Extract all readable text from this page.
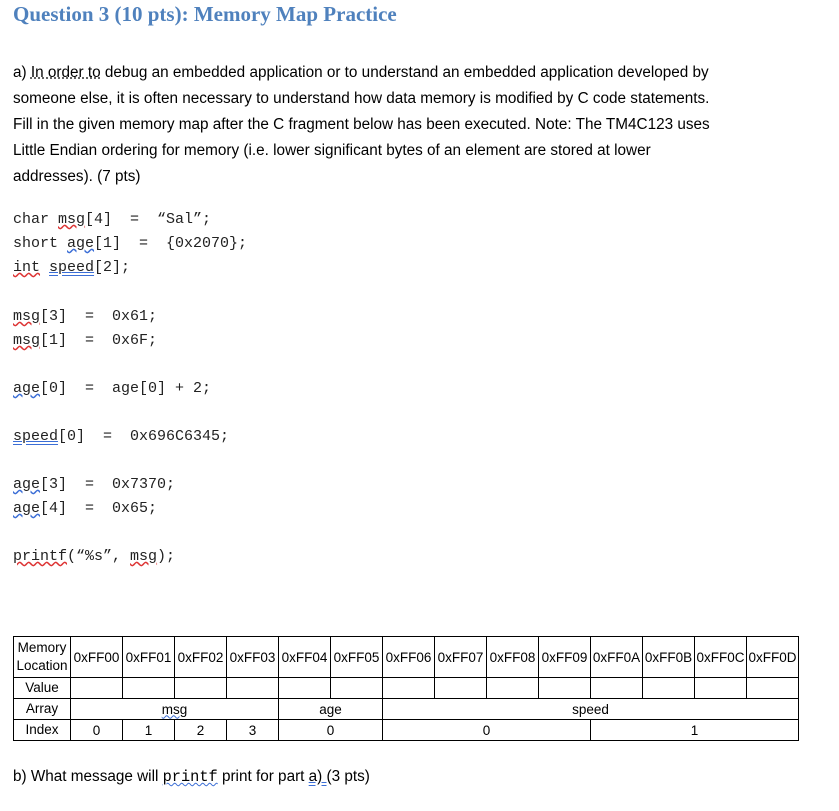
Question 3 (10 pts): Memory Map Practice
a) In order to debug an embedded application or to understand an embedded application developed by
someone else, it is often necessary to understand how data memory is modified by C code statements.
Fill in the given memory map after the C fragment below has been executed. Note: The TM4C123 uses
Little Endian ordering for memory (i.e. lower significant bytes of an element are stored at lower
addresses). (7 pts)
char msg[4]  =  “Sal”;
short age[1]  =  {0x2070};
int speed[2];
msg[3]  =  0x61;
msg[1]  =  0x6F;
age[0]  =  age[0] + 2;
speed[0]  =  0x696C6345;
age[3]  =  0x7370;
age[4]  =  0x65;
printf(“%s”, msg);
Memory Location	0xFF00	0xFF01	0xFF02	0xFF03	0xFF04	0xFF05	0xFF06	0xFF07	0xFF08	0xFF09	0xFF0A	0xFF0B	0xFF0C	0xFF0D
Value														
Array	msg				age		speed							
Index	0	1	2	3	0		0				1			
b) What message will printf print for part a) (3 pts)
